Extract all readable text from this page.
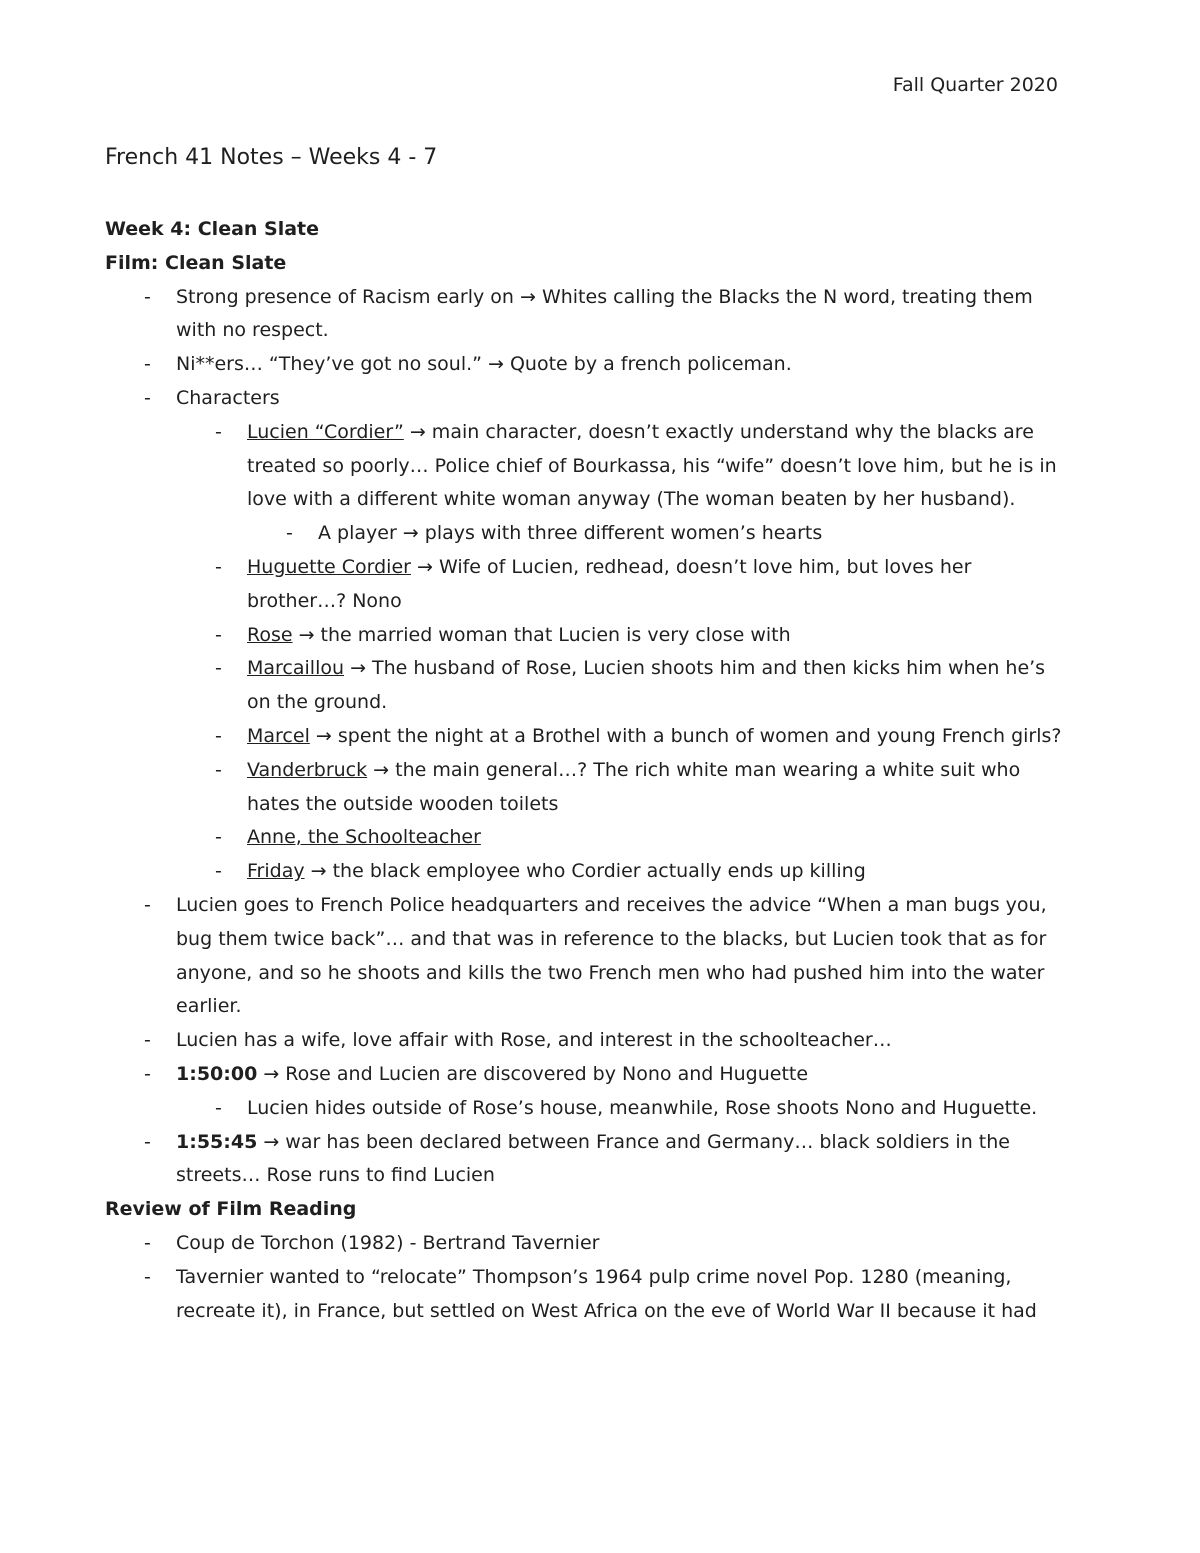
Fall Quarter 2020
French 41 Notes – Weeks 4 - 7

Week 4: Clean Slate

Film: Clean Slate

- Strong presence of Racism early on → Whites calling the Blacks the N word, treating them with no respect.
- Ni**ers… “They’ve got no soul.” → Quote by a french policeman.
- Characters
- Lucien “Cordier” → main character, doesn’t exactly understand why the blacks are treated so poorly… Police chief of Bourkassa, his “wife” doesn’t love him, but he is in love with a different white woman anyway (The woman beaten by her husband).
- A player → plays with three different women’s hearts
- Huguette Cordier → Wife of Lucien, redhead, doesn’t love him, but loves her brother…? Nono
- Rose → the married woman that Lucien is very close with
- Marcaillou → The husband of Rose, Lucien shoots him and then kicks him when he’s on the ground.
- Marcel → spent the night at a Brothel with a bunch of women and young French girls?
- Vanderbruck → the main general…? The rich white man wearing a white suit who hates the outside wooden toilets
- Anne, the Schoolteacher
- Friday → the black employee who Cordier actually ends up killing
- Lucien goes to French Police headquarters and receives the advice “When a man bugs you, bug them twice back”… and that was in reference to the blacks, but Lucien took that as for anyone, and so he shoots and kills the two French men who had pushed him into the water earlier.
- Lucien has a wife, love affair with Rose, and interest in the schoolteacher…
- 1:50:00 → Rose and Lucien are discovered by Nono and Huguette
- Lucien hides outside of Rose’s house, meanwhile, Rose shoots Nono and Huguette.
- 1:55:45 → war has been declared between France and Germany… black soldiers in the streets… Rose runs to find Lucien

Review of Film Reading

- Coup de Torchon (1982) - Bertrand Tavernier
- Tavernier wanted to “relocate” Thompson’s 1964 pulp crime novel Pop. 1280 (meaning, recreate it), in France, but settled on West Africa on the eve of World War II because it had
